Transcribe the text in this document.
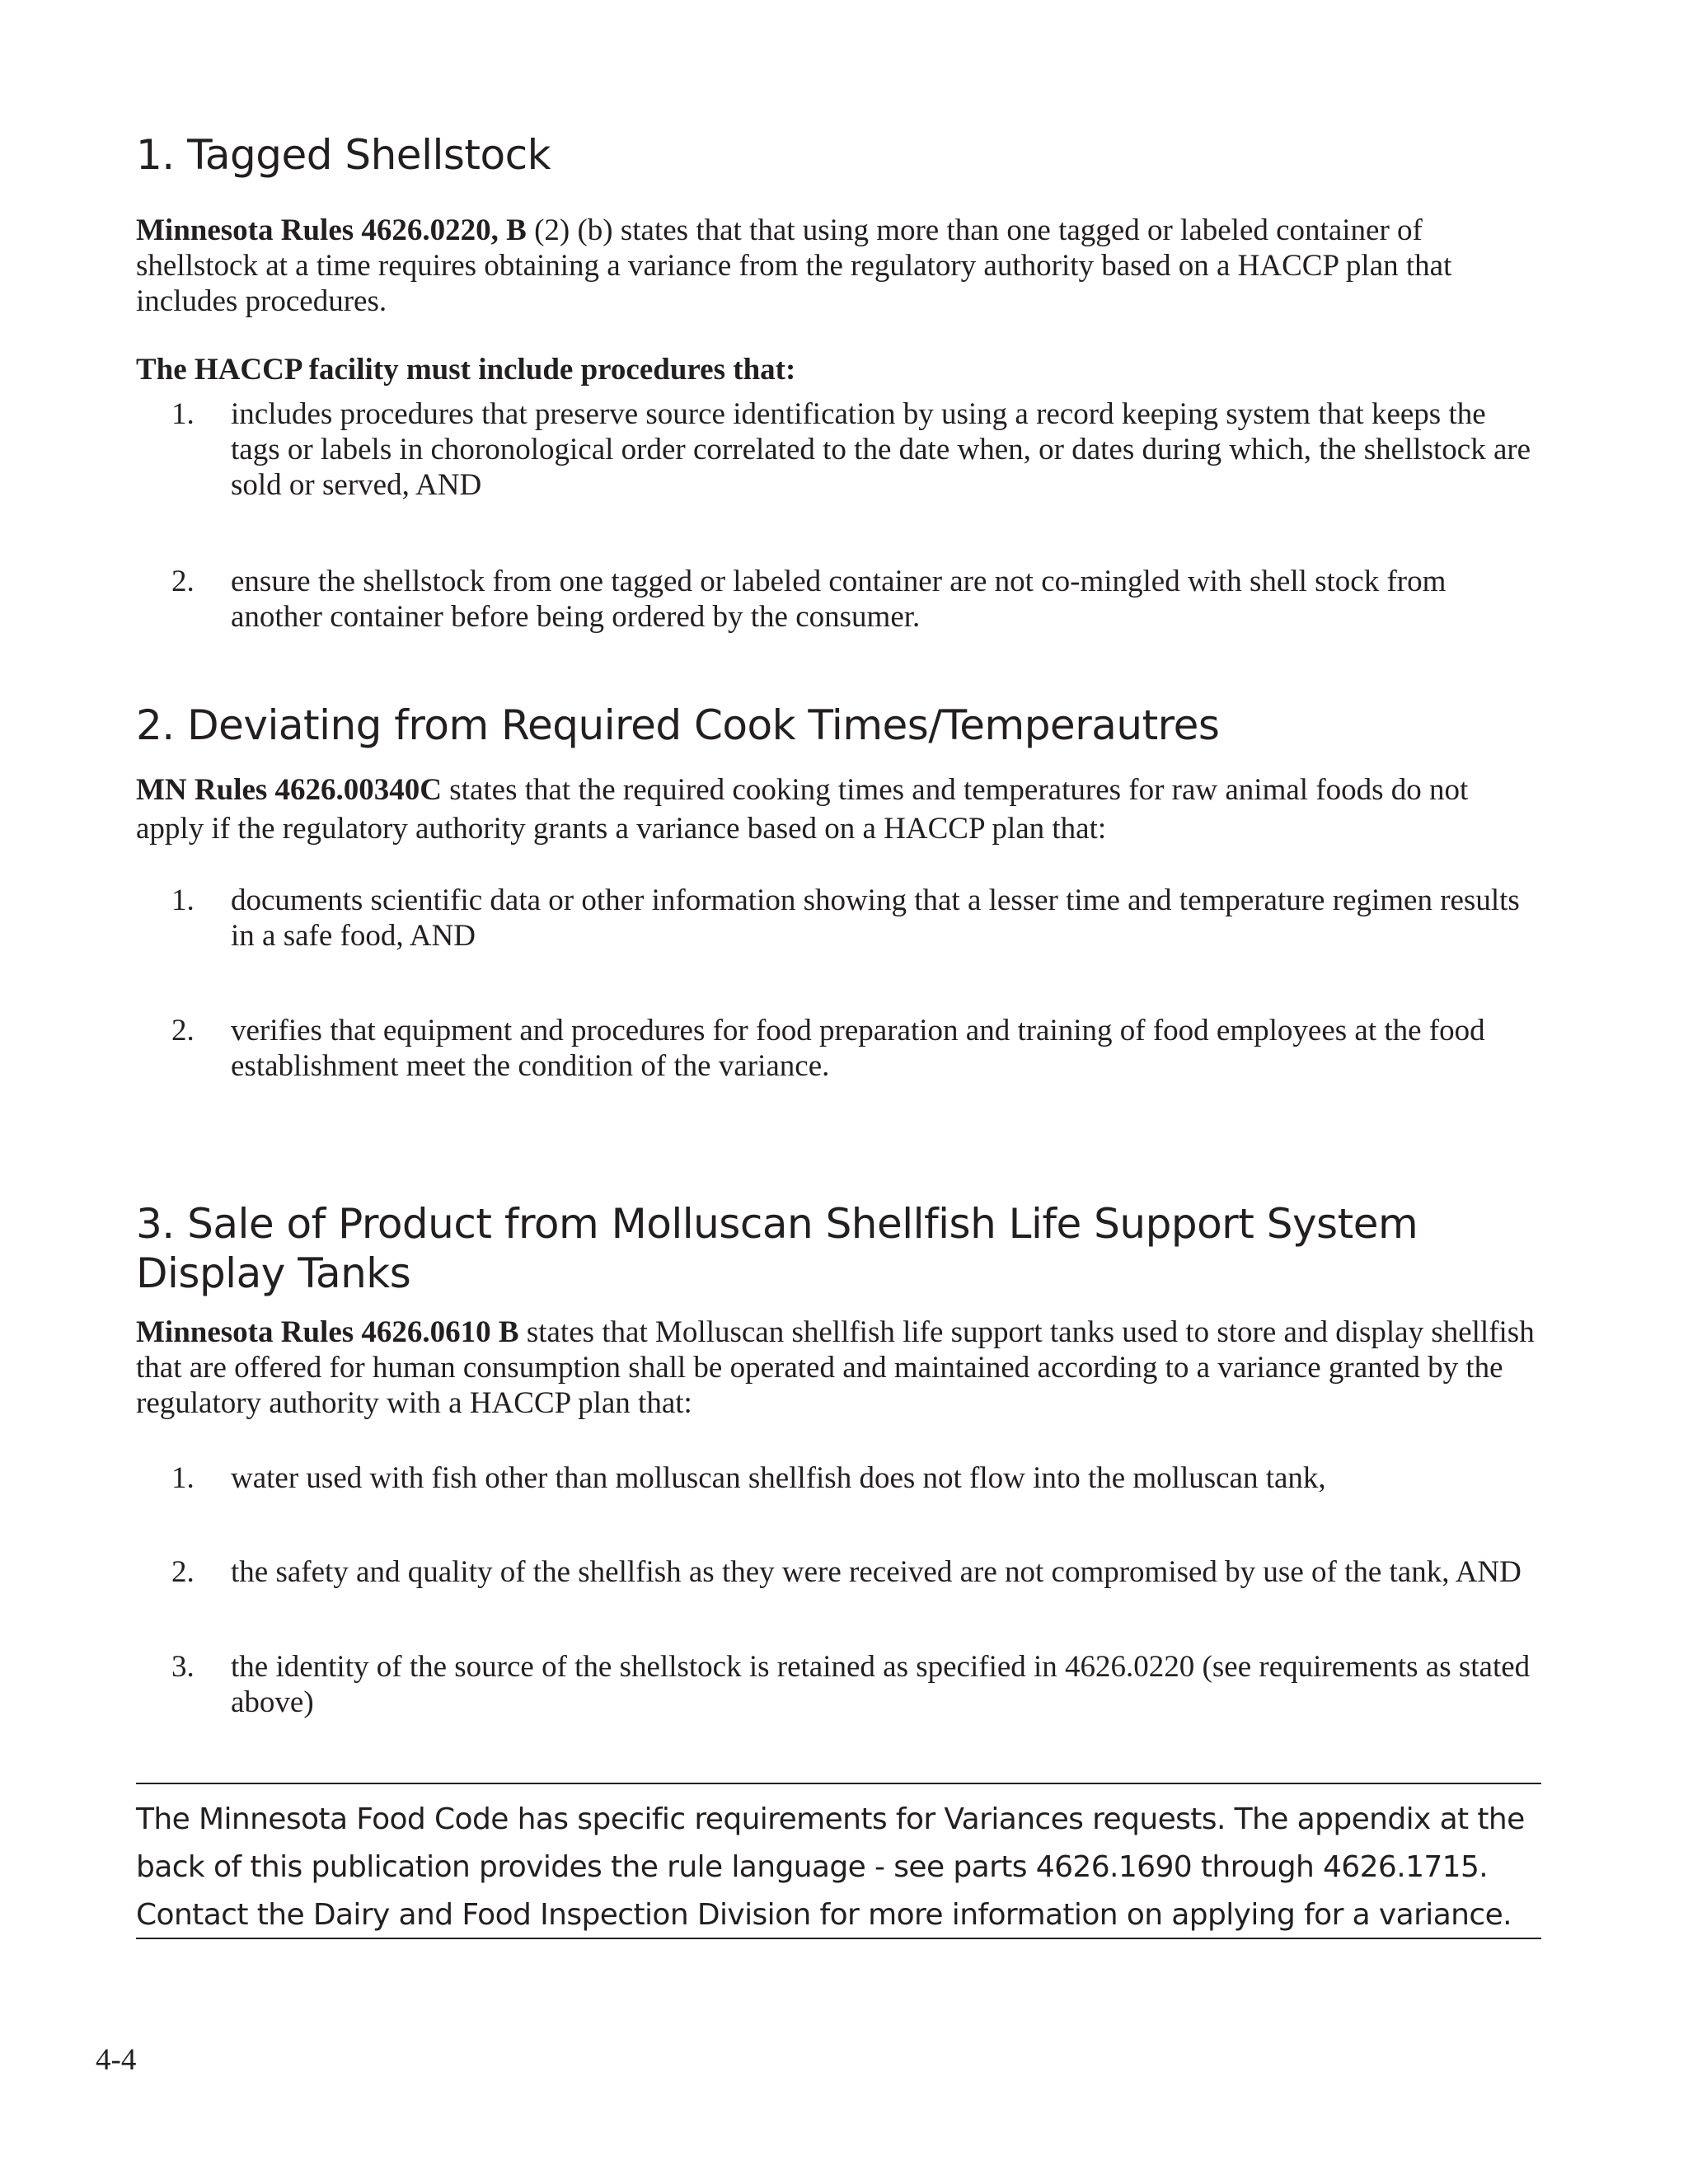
1. Tagged Shellstock

Minnesota Rules 4626.0220, B (2) (b) states that that using more than one tagged or labeled container of shellstock at a time requires obtaining a variance from the regulatory authority based on a HACCP plan that includes procedures.

The HACCP facility must include procedures that:

1. includes procedures that preserve source identification by using a record keeping system that keeps the tags or labels in choronological order correlated to the date when, or dates during which, the shellstock are sold or served, AND
2. ensure the shellstock from one tagged or labeled container are not co-mingled with shell stock from another container before being ordered by the consumer.
2. Deviating from Required Cook Times/Temperautres

MN Rules 4626.00340C states that the required cooking times and temperatures for raw animal foods do not apply if the regulatory authority grants a variance based on a HACCP plan that:

1. documents scientific data or other information showing that a lesser time and temperature regimen results in a safe food, AND
2. verifies that equipment and procedures for food preparation and training of food employees at the food establishment meet the condition of the variance.
3. Sale of Product from Molluscan Shellfish Life Support System Display Tanks

Minnesota Rules 4626.0610 B states that Molluscan shellfish life support tanks used to store and display shellfish that are offered for human consumption shall be operated and maintained according to a variance granted by the regulatory authority with a HACCP plan that:

1. water used with fish other than molluscan shellfish does not flow into the molluscan tank,
2. the safety and quality of the shellfish as they were received are not compromised by use of the tank, AND
3. the identity of the source of the shellstock is retained as specified in 4626.0220 (see requirements as stated above)

The Minnesota Food Code has specific requirements for Variances requests. The appendix at the back of this publication provides the rule language - see parts 4626.1690 through 4626.1715. Contact the Dairy and Food Inspection Division for more information on applying for a variance.

4-4
